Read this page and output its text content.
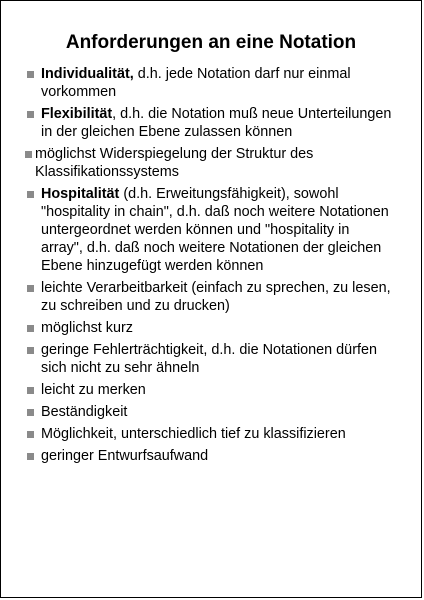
Anforderungen an eine Notation
Individualität, d.h. jede Notation darf nur einmal vorkommen
Flexibilität, d.h. die Notation muß neue Unterteilungen in der gleichen Ebene zulassen können
möglichst Widerspiegelung der Struktur des Klassifikationssystems
Hospitalität (d.h. Erweitungsfähigkeit), sowohl "hospitality in chain", d.h. daß noch weitere Notationen untergeordnet werden können und "hospitality in array", d.h. daß noch weitere Notationen der gleichen Ebene hinzugefügt werden können
leichte Verarbeitbarkeit (einfach zu sprechen, zu lesen, zu schreiben und zu drucken)
möglichst kurz
geringe Fehlerträchtigkeit, d.h. die Notationen dürfen sich nicht zu sehr ähneln
leicht zu merken
Beständigkeit
Möglichkeit, unterschiedlich tief zu klassifizieren
geringer Entwurfsaufwand
